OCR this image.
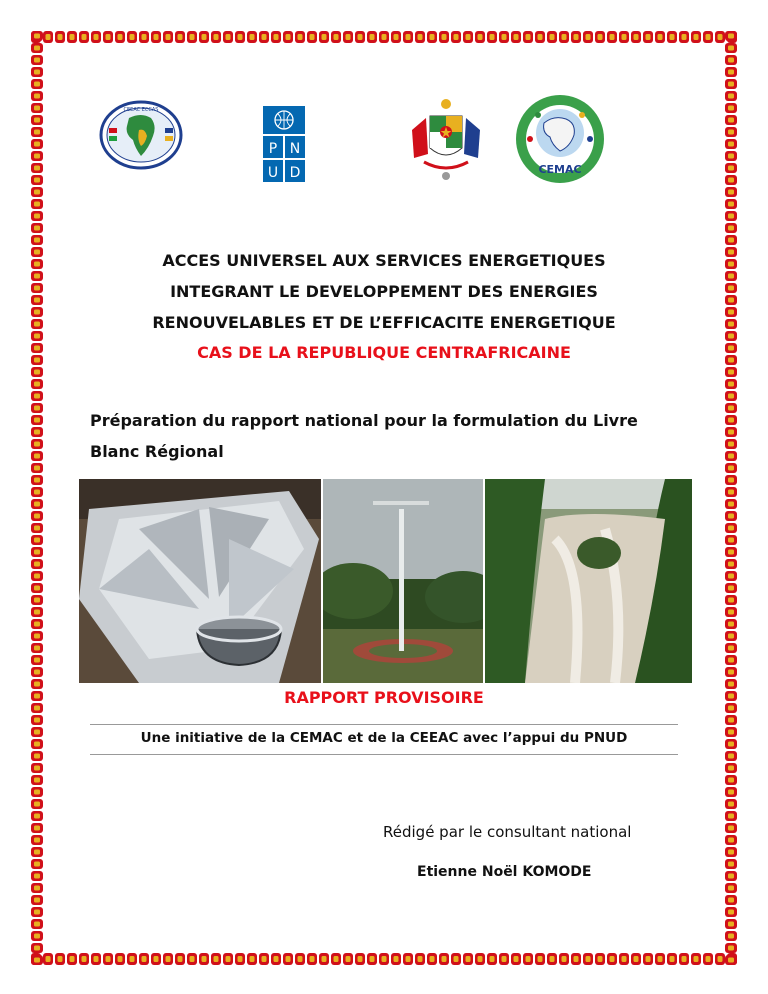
CEEAC ECCAS
P N
U D	CEMAC
ACCES UNIVERSEL AUX SERVICES ENERGETIQUES
INTEGRANT LE DEVELOPPEMENT DES ENERGIES
RENOUVELABLES ET DE L’EFFICACITE ENERGETIQUE
CAS DE LA REPUBLIQUE CENTRAFRICAINE
Préparation du rapport national pour la formulation du Livre
Blanc Régional
RAPPORT PROVISOIRE
Une initiative de la CEMAC et de la CEEAC avec l’appui du PNUD
Rédigé par le consultant national
Etienne Noël KOMODE
